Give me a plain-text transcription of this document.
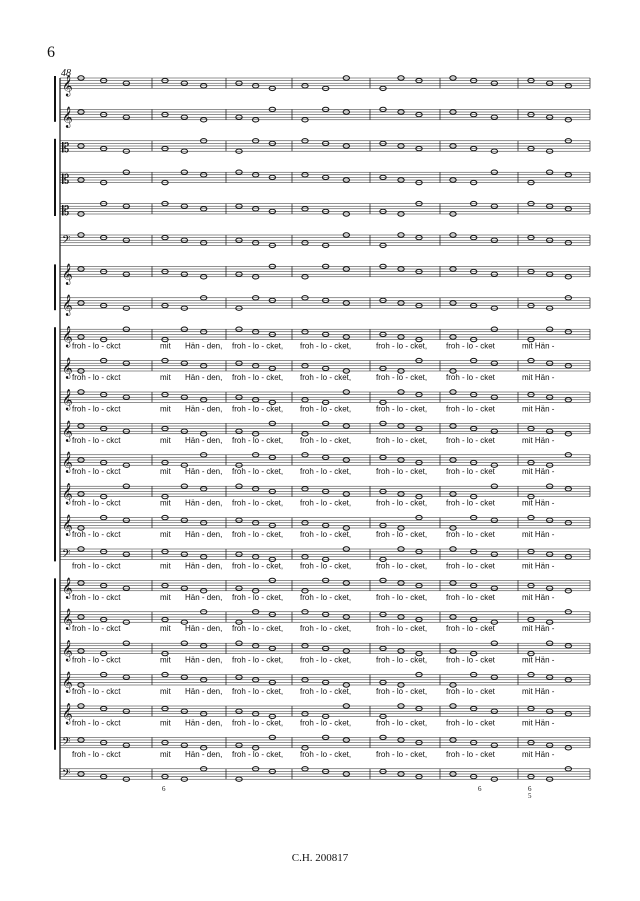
6
48
𝄞
𝄞
𝄡
𝄡
𝄡
𝄢
𝄞
𝄞
𝄞 froh - lo - ckct	mit Hän - den, froh - lo - cket, froh - lo - cket,	froh - lo - cket, froh - lo - cket	mit Hän -
𝄞 froh - lo - ckct	mit Hän - den, froh - lo - cket, froh - lo - cket,	froh - lo - cket, froh - lo - cket	mit Hän -
𝄞 froh - lo - ckct	mit Hän - den, froh - lo - cket, froh - lo - cket,	froh - lo - cket, froh - lo - cket	mit Hän -
𝄞 froh - lo - ckct	mit Hän - den, froh - lo - cket, froh - lo - cket,	froh - lo - cket, froh - lo - cket	mit Hän -
𝄞 froh - lo - ckct	mit Hän - den, froh - lo - cket, froh - lo - cket,	froh - lo - cket, froh - lo - cket	mit Hän -
𝄞 froh - lo - ckct	mit Hän - den, froh - lo - cket, froh - lo - cket,	froh - lo - cket, froh - lo - cket	mit Hän -
𝄞 froh - lo - ckct	mit Hän - den, froh - lo - cket, froh - lo - cket,	froh - lo - cket, froh - lo - cket	mit Hän -
𝄢
froh - lo - ckct	mit Hän - den, froh - lo - cket, froh - lo - cket,	froh - lo - cket, froh - lo - cket	mit Hän -
𝄞 froh - lo - ckct	mit Hän - den, froh - lo - cket, froh - lo - cket,	froh - lo - cket, froh - lo - cket	mit Hän -
𝄞 froh - lo - ckct	mit Hän - den, froh - lo - cket, froh - lo - cket,	froh - lo - cket, froh - lo - cket	mit Hän -
𝄞 froh - lo - ckct	mit Hän - den, froh - lo - cket, froh - lo - cket,	froh - lo - cket, froh - lo - cket	mit Hän -
𝄞 froh - lo - ckct	mit Hän - den, froh - lo - cket, froh - lo - cket,	froh - lo - cket, froh - lo - cket	mit Hän -
𝄞 froh - lo - ckct	mit Hän - den, froh - lo - cket, froh - lo - cket,	froh - lo - cket, froh - lo - cket	mit Hän -
𝄢
froh - lo - ckct	mit Hän - den, froh - lo - cket, froh - lo - cket,	froh - lo - cket, froh - lo - cket	mit Hän -
𝄢
6	6	6
5
C.H. 200817
